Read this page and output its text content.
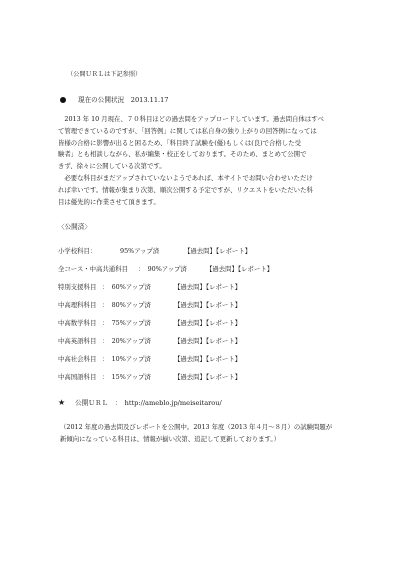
（公開ＵＲＬは下記参照）
現在の公開状況　 2013.11.17
　2013 年 10 月現在、７０科目ほどの過去問をアップロードしています。過去問自体はすべ
て管理できているのですが、「回答例」に関しては私自身の独り上がりの回答例になっては
皆様の合格に影響が出ると困るため、「科目終了試験を(優)もしくは(良)で合格した受
験者」とも相談しながら、私が編集・校正をしております。そのため、まとめて公開で
きず、徐々に公開している次第です。
　必要な科目がまだアップされていないようであれば、本サイトでお問い合わせいただけ
れば幸いです。情報が集まり次第、順次公開する予定ですが、リクエストをいただいた科
目は優先的に作業させて頂きます。
〈公開済〉
小学校科目：	95%アップ済	【過去問】【レポート】
全コース・中高共通科目 ：　90%アップ済	【過去問】【レポート】
特別支援科目 ：　60%アップ済	【過去問】【レポート】
中高理科科目 ：　80%アップ済	【過去問】【レポート】
中高数学科目 ：　75%アップ済	【過去問】【レポート】
中高英語科目 ：　20%アップ済	【過去問】【レポート】
中高社会科目 ：　10%アップ済	【過去問】【レポート】
中高国語科目 ：　15%アップ済	【過去問】【レポート】
★ 公開ＵＲＬ　：　 http://ameblo.jp/meiseitarou/
（2012 年度の過去問及びレポートを公開中。2013 年度（2013 年４月～８月）の試験問題が
新傾向になっている科目は、情報が揃い次第、追記して更新しております。）
